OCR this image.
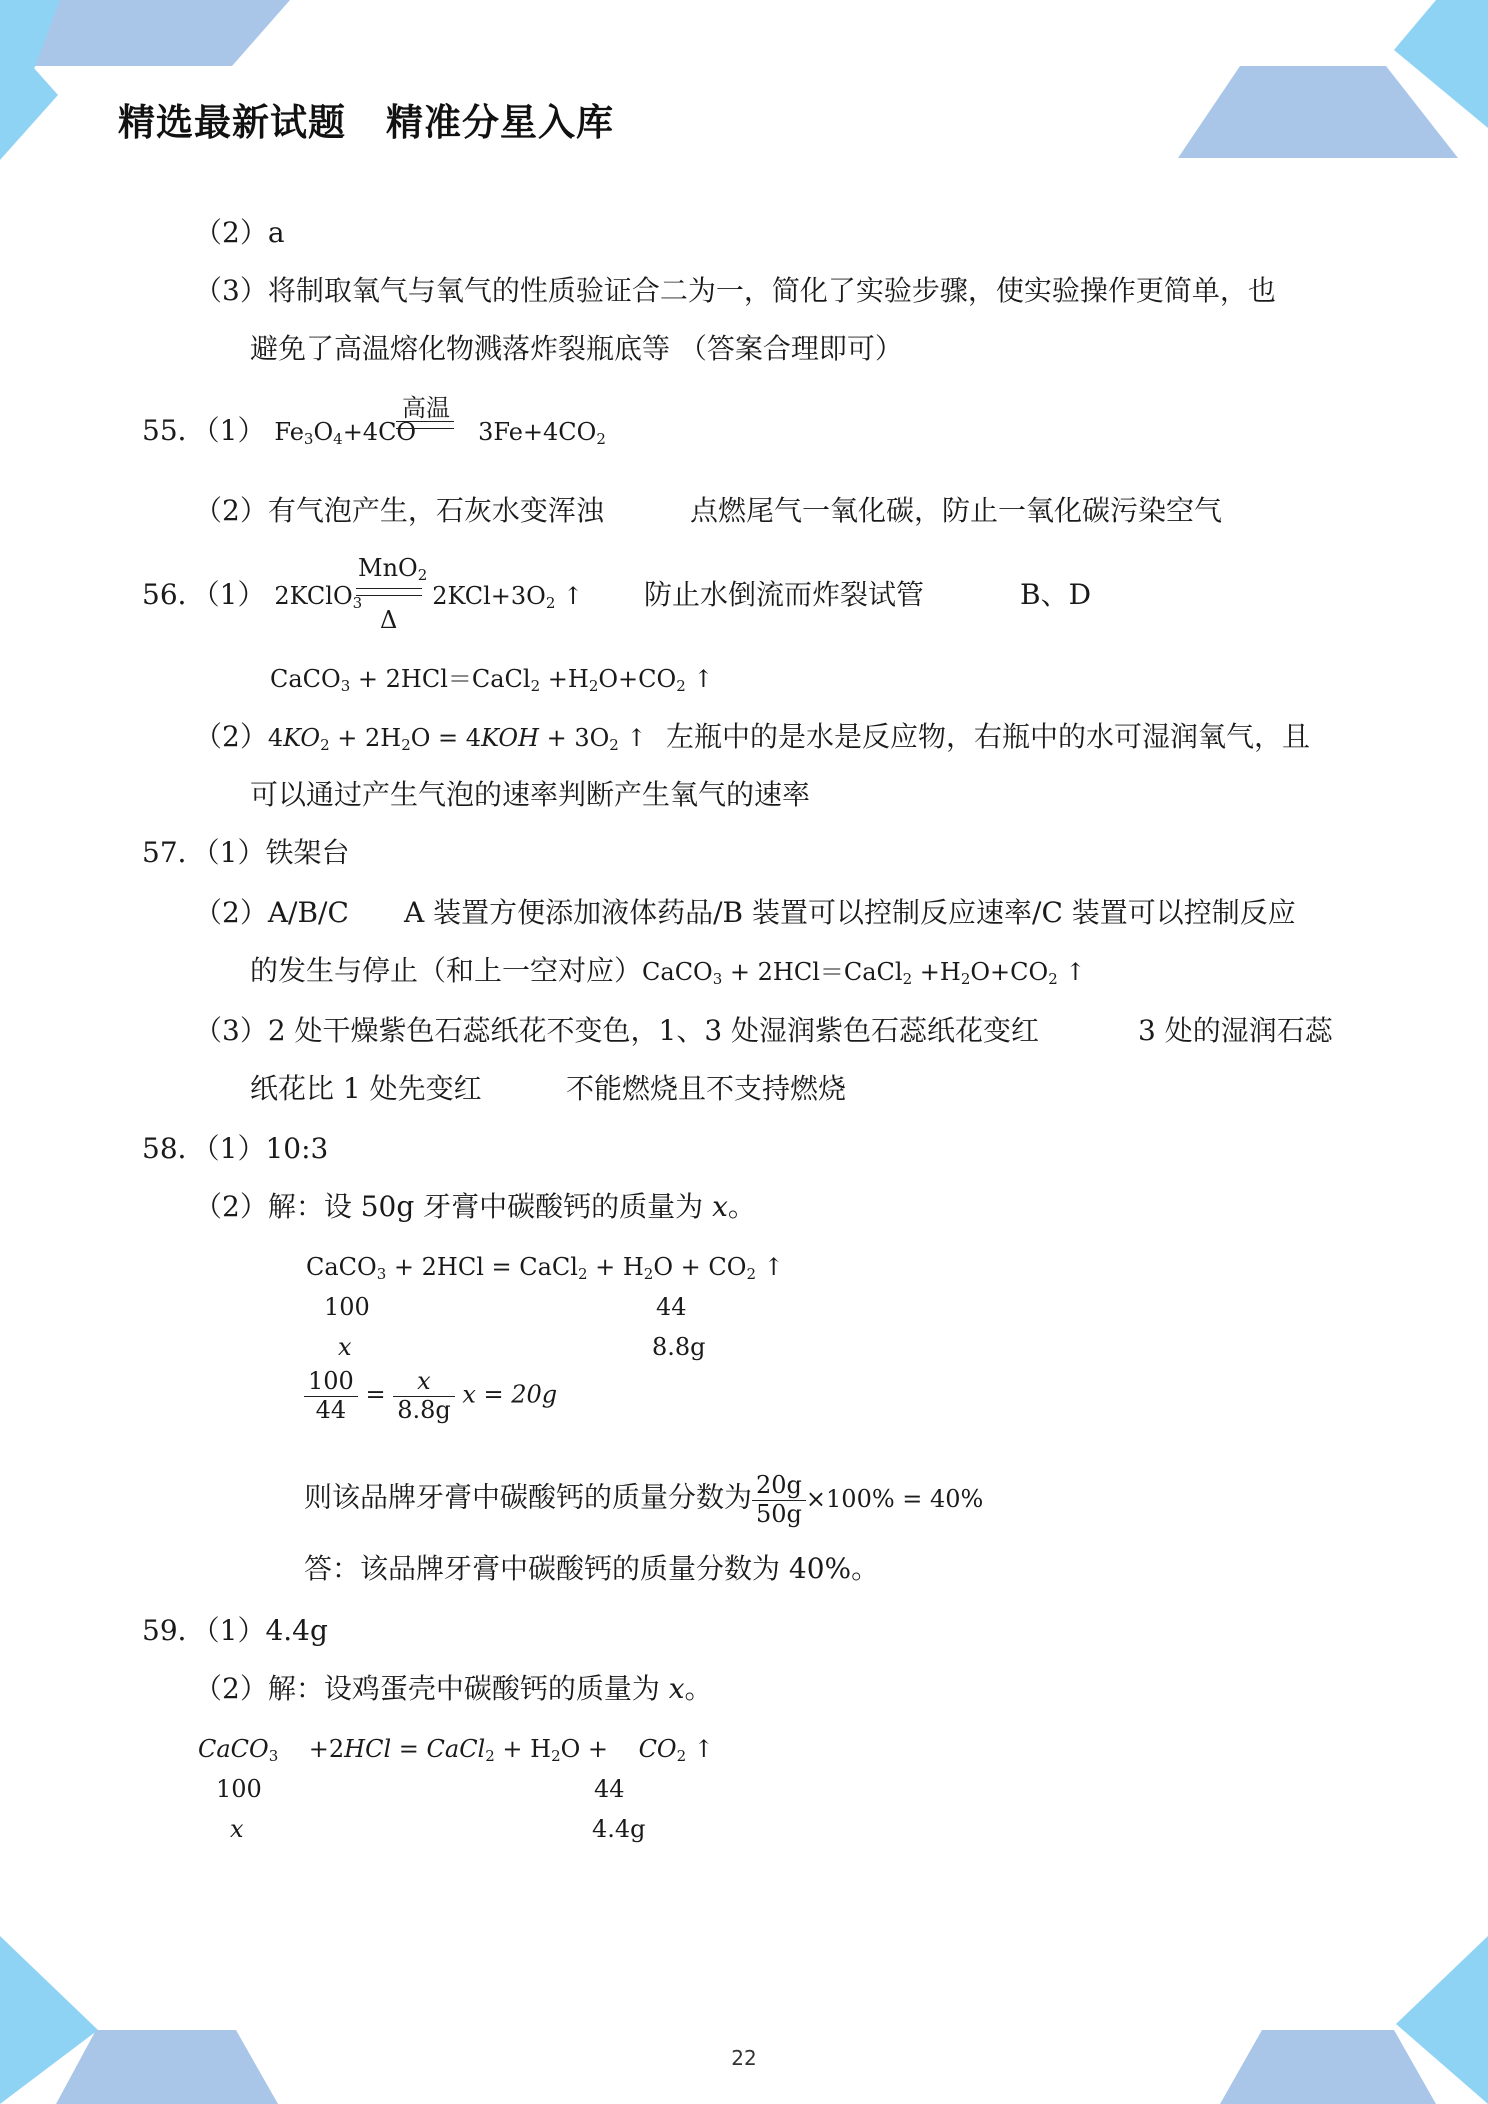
精选最新试题 精准分星入库
（2）a
（3）将制取氧气与氧气的性质验证合二为一，简化了实验步骤，使实验操作更简单，也
避免了高温熔化物溅落炸裂瓶底等 （答案合理即可）
55．（1） $Fe_3O_4+4CO$	$3Fe+4CO_2$
高温
（2）有气泡产生，石灰水变浑浊	点燃尾气一氧化碳，防止一氧化碳污染空气
56．（1） 2KClO$_3$	$2KCl+3O_2$ ↑
MnO$_2$
Δ
防止水倒流而炸裂试管	B、D
CaCO$_3$ + 2HCl＝CaCl$_2$ $+H_2O+CO_2$ ↑
$(2)4KO_2 + 2H_2O = 4KOH + 3O_2$ ↑ 左瓶中的是水是反应物，右瓶中的水可湿润氧气，且
可以通过产生气泡的速率判断产生氧气的速率
57．（1）铁架台
（2）A/B/C A 装置方便添加液体药品/B 装置可以控制反应速率/C 装置可以控制反应
的发生与停止（和上一空对应）CaCO$_3$ + 2HCl＝CaCl$_2$ $+H_2O+CO_2$ ↑
（3）2 处干燥紫色石蕊纸花不变色，1、3 处湿润紫色石蕊纸花变红	3 处的湿润石蕊
纸花比 1 处先变红	不能燃烧且不支持燃烧
58．（1）10:3
（2）解：设 50g 牙膏中碳酸钙的质量为 x。
CaCO$_3$ + 2HCl = CaCl$_2$ + $H_2O + CO_2$ ↑
100	44
x	8.8g
$\frac{100}{44} = \frac{x}{8.8g}$ x = 20g
则该品牌牙膏中碳酸钙的质量分数为 $\frac{20g}{50g} \times 100\% = 40\%$
答：该品牌牙膏中碳酸钙的质量分数为 40%。
59．（1）4.4g
（2）解：设鸡蛋壳中碳酸钙的质量为 x。
CaCO$_3$    +2HCl = CaCl$_2$ + $H_2O$ +    $CO_2$ ↑
100	44
x	4.4g
22
